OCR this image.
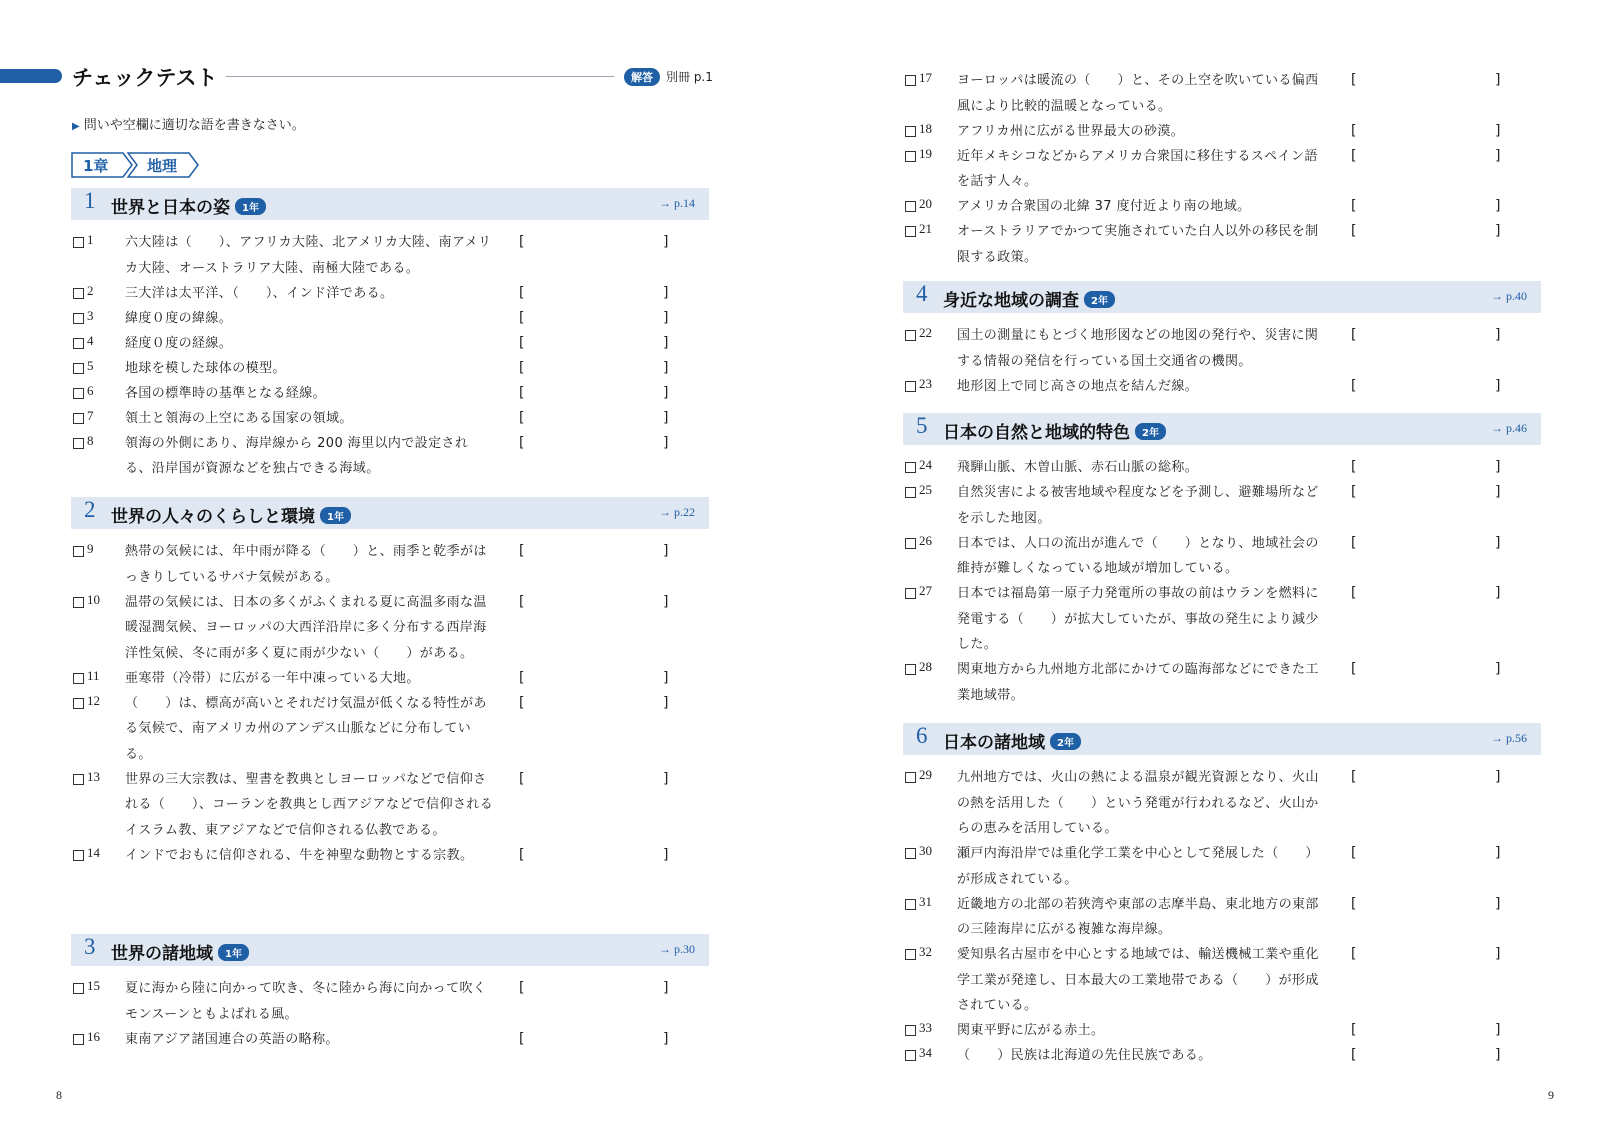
チェックテスト	解答	別冊 p.1
▶ 問いや空欄に適切な語を書きなさい。
1章	地理
1 世界と日本の姿 1年	→ p.14
1 六大陸は（　　）、アフリカ大陸、北アメリカ大陸、南アメリカ大陸、オーストラリア大陸、南極大陸である。
[	]
2 三大洋は太平洋、（　　）、インド洋である。	[	]
3 緯度０度の緯線。	[	]
4 経度０度の経線。	[	]
5 地球を模した球体の模型。	[	]
6 各国の標準時の基準となる経線。	[	]
7 領土と領海の上空にある国家の領域。	[	]
8 領海の外側にあり、海岸線から 200 海里以内で設定される、沿岸国が資源などを独占できる海域。
[	]
2 世界の人々のくらしと環境 1年	→ p.22
9 熱帯の気候には、年中雨が降る（　　）と、雨季と乾季がはっきりしているサバナ気候がある。
[	]
10 温帯の気候には、日本の多くがふくまれる夏に高温多雨な温暖湿潤気候、ヨーロッパの大西洋沿岸に多く分布する西岸海洋性気候、冬に雨が多く夏に雨が少ない（　　）がある。
[	]
11 亜寒帯（冷帯）に広がる一年中凍っている大地。	[	]
12 （　　）は、標高が高いとそれだけ気温が低くなる特性がある気候で、南アメリカ州のアンデス山脈などに分布している。
[	]
13 世界の三大宗教は、聖書を教典としヨーロッパなどで信仰される（　　）、コーランを教典とし西アジアなどで信仰されるイスラム教、東アジアなどで信仰される仏教である。
[	]
14 インドでおもに信仰される、牛を神聖な動物とする宗教。	[	]
3 世界の諸地域 1年	→ p.30
15 夏に海から陸に向かって吹き、冬に陸から海に向かって吹くモンスーンともよばれる風。
[	]
16 東南アジア諸国連合の英語の略称。	[	]
8
17 ヨーロッパは暖流の（　　）と、その上空を吹いている偏西風により比較的温暖となっている。
[	]
18 アフリカ州に広がる世界最大の砂漠。	[	]
19 近年メキシコなどからアメリカ合衆国に移住するスペイン語を話す人々。
[	]
20 アメリカ合衆国の北緯 37 度付近より南の地域。	[	]
21 オーストラリアでかつて実施されていた白人以外の移民を制限する政策。
[	]
4 身近な地域の調査 2年	→ p.40
22 国土の測量にもとづく地形図などの地図の発行や、災害に関する情報の発信を行っている国土交通省の機関。
[	]
23 地形図上で同じ高さの地点を結んだ線。	[	]
5 日本の自然と地域的特色 2年	→ p.46
24 飛騨山脈、木曽山脈、赤石山脈の総称。	[	]
25 自然災害による被害地域や程度などを予測し、避難場所などを示した地図。
[	]
26 日本では、人口の流出が進んで（　　）となり、地域社会の維持が難しくなっている地域が増加している。
[	]
27 日本では福島第一原子力発電所の事故の前はウランを燃料に発電する（　　）が拡大していたが、事故の発生により減少した。
[	]
28 関東地方から九州地方北部にかけての臨海部などにできた工業地域帯。
[	]
6 日本の諸地域 2年	→ p.56
29 九州地方では、火山の熱による温泉が観光資源となり、火山の熱を活用した（　　）という発電が行われるなど、火山からの恵みを活用している。
[	]
30 瀬戸内海沿岸では重化学工業を中心として発展した（　　）が形成されている。
[	]
31 近畿地方の北部の若狭湾や東部の志摩半島、東北地方の東部の三陸海岸に広がる複雑な海岸線。
[	]
32 愛知県名古屋市を中心とする地域では、輸送機械工業や重化学工業が発達し、日本最大の工業地帯である（　　）が形成されている。
[	]
33 関東平野に広がる赤土。	[	]
34 （　　）民族は北海道の先住民族である。	[	]
9
